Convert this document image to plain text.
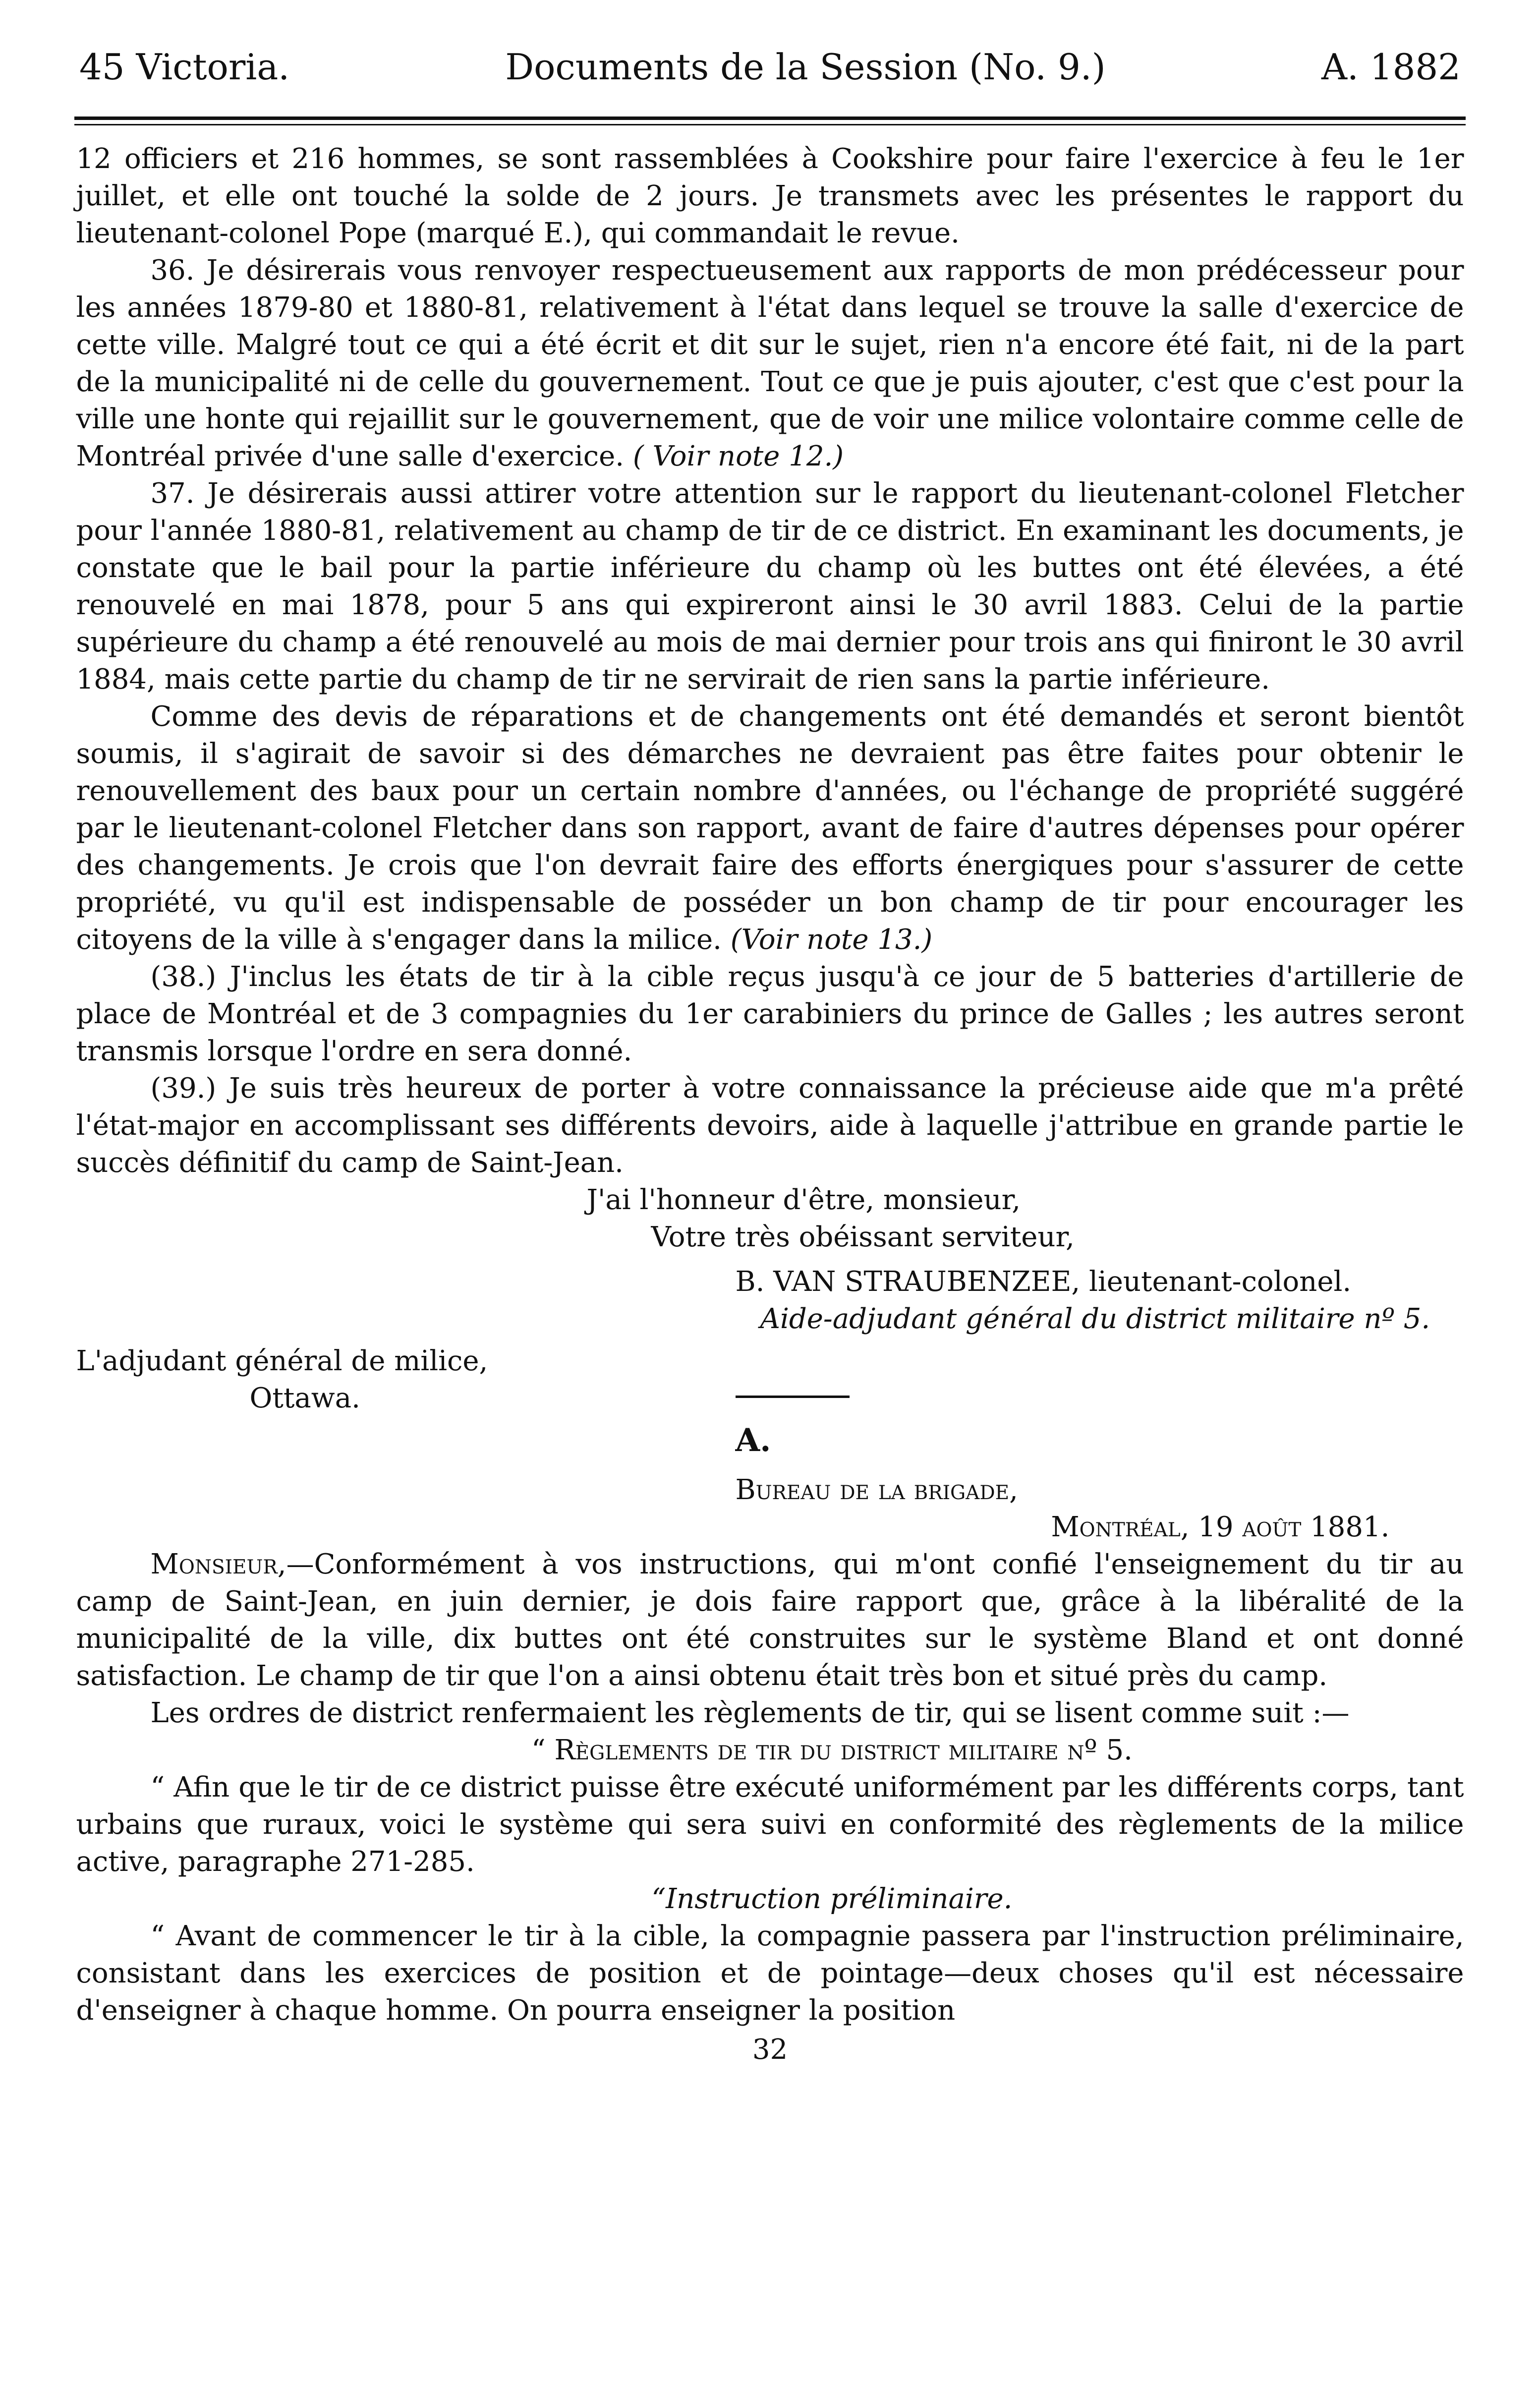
45 Victoria.	Documents de la Session (No. 9.)	A. 1882

12 officiers et 216 hommes, se sont rassemblées à Cookshire pour faire l'exercice à feu le 1er juillet, et elle ont touché la solde de 2 jours. Je transmets avec les présentes le rapport du lieutenant-colonel Pope (marqué E.), qui commandait le revue.

36. Je désirerais vous renvoyer respectueusement aux rapports de mon prédécesseur pour les années 1879-80 et 1880-81, relativement à l'état dans lequel se trouve la salle d'exercice de cette ville. Malgré tout ce qui a été écrit et dit sur le sujet, rien n'a encore été fait, ni de la part de la municipalité ni de celle du gouvernement. Tout ce que je puis ajouter, c'est que c'est pour la ville une honte qui rejaillit sur le gouvernement, que de voir une milice volontaire comme celle de Montréal privée d'une salle d'exercice. ( Voir note 12.)

37. Je désirerais aussi attirer votre attention sur le rapport du lieutenant-colonel Fletcher pour l'année 1880-81, relativement au champ de tir de ce district. En examinant les documents, je constate que le bail pour la partie inférieure du champ où les buttes ont été élevées, a été renouvelé en mai 1878, pour 5 ans qui expireront ainsi le 30 avril 1883. Celui de la partie supérieure du champ a été renouvelé au mois de mai dernier pour trois ans qui finiront le 30 avril 1884, mais cette partie du champ de tir ne servirait de rien sans la partie inférieure.

Comme des devis de réparations et de changements ont été demandés et seront bientôt soumis, il s'agirait de savoir si des démarches ne devraient pas être faites pour obtenir le renouvellement des baux pour un certain nombre d'années, ou l'échange de propriété suggéré par le lieutenant-colonel Fletcher dans son rapport, avant de faire d'autres dépenses pour opérer des changements. Je crois que l'on devrait faire des efforts énergiques pour s'assurer de cette propriété, vu qu'il est indispensable de posséder un bon champ de tir pour encourager les citoyens de la ville à s'engager dans la milice. (Voir note 13.)

(38.) J'inclus les états de tir à la cible reçus jusqu'à ce jour de 5 batteries d'artillerie de place de Montréal et de 3 compagnies du 1er carabiniers du prince de Galles ; les autres seront transmis lorsque l'ordre en sera donné.

(39.) Je suis très heureux de porter à votre connaissance la précieuse aide que m'a prêté l'état-major en accomplissant ses différents devoirs, aide à laquelle j'attribue en grande partie le succès définitif du camp de Saint-Jean.

J'ai l'honneur d'être, monsieur,
Votre très obéissant serviteur,
B. VAN STRAUBENZEE, lieutenant-colonel.
Aide-adjudant général du district militaire nº 5.
L'adjudant général de milice,
Ottawa.
A.

Bureau de la brigade,

Montréal, 19 août 1881.

Monsieur,—Conformément à vos instructions, qui m'ont confié l'enseignement du tir au camp de Saint-Jean, en juin dernier, je dois faire rapport que, grâce à la libéralité de la municipalité de la ville, dix buttes ont été construites sur le système Bland et ont donné satisfaction. Le champ de tir que l'on a ainsi obtenu était très bon et situé près du camp.

Les ordres de district renfermaient les règlements de tir, qui se lisent comme suit :—

“ Règlements de tir du district militaire nº 5.

“ Afin que le tir de ce district puisse être exécuté uniformément par les différents corps, tant urbains que ruraux, voici le système qui sera suivi en conformité des règlements de la milice active, paragraphe 271-285.

“Instruction préliminaire.

“ Avant de commencer le tir à la cible, la compagnie passera par l'instruction préliminaire, consistant dans les exercices de position et de pointage—deux choses qu'il est nécessaire d'enseigner à chaque homme. On pourra enseigner la position

32
